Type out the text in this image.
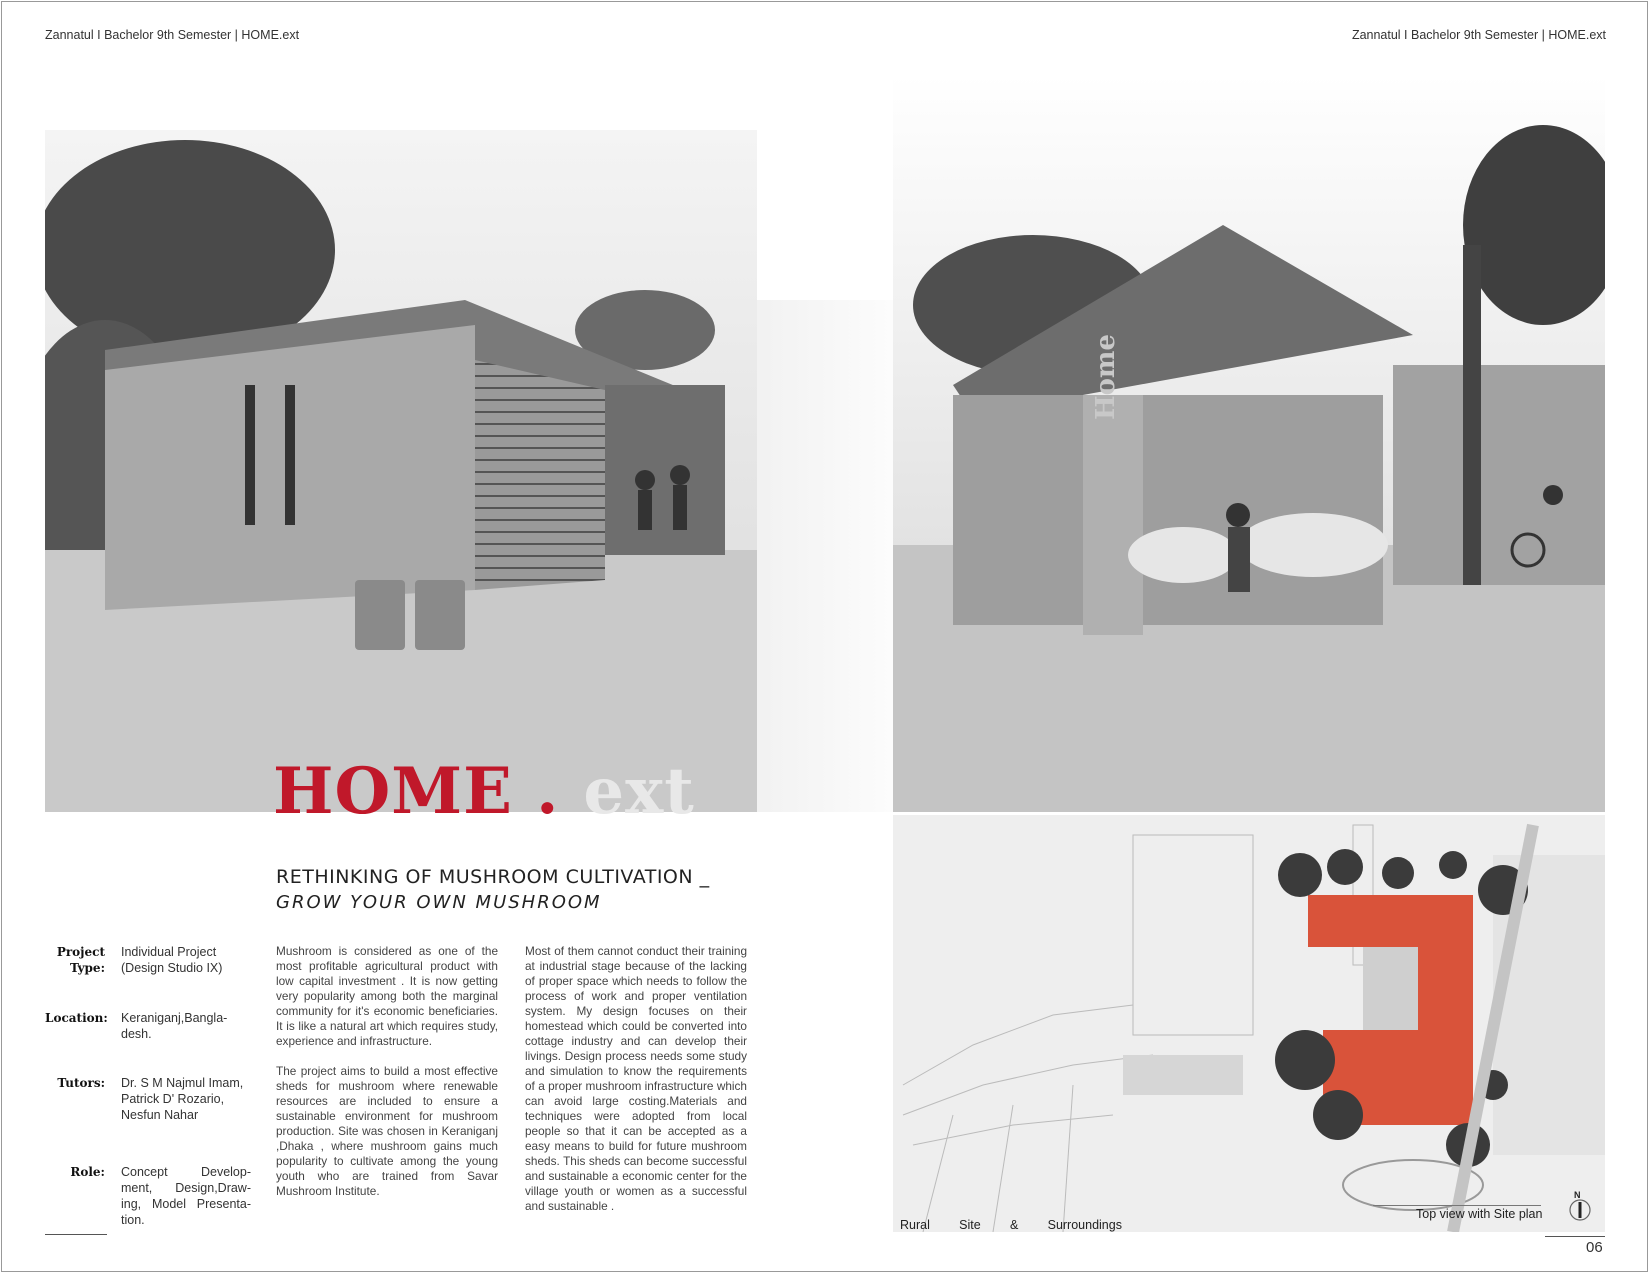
Zannatul I Bachelor 9th Semester | HOME.ext	Zannatul I Bachelor 9th Semester | HOME.ext
Home
HOME . ext
RETHINKING OF MUSHROOM CULTIVATION _
GROW YOUR OWN MUSHROOM
Project Type:
Individual Project (Design Studio IX)
Location: Keraniganj,Bangla-desh.
Tutors: Dr. S M Najmul Imam, Patrick D' Rozario, Nesfun Nahar
Role: Concept Develop-ment, Design,Draw-ing, Model Presenta-tion.

Mushroom is considered as one of the most profitable agricultural product with low capital investment . It is now getting very popularity among both the marginal community for it's economic beneficiaries. It is like a natural art which requires study, experience and infrastructure.

The project aims to build a most effective sheds for mushroom where renewable resources are included to ensure a sustainable environment for mushroom production. Site was chosen in Keraniganj ,Dhaka , where mushroom gains much popularity to cultivate among the young youth who are trained from Savar Mushroom Institute.

Most of them cannot conduct their training at industrial stage because of the lacking of proper space which needs to follow the process of work and proper ventilation system. My design focuses on their homestead which could be converted into cottage industry and can develop their livings. Design process needs some study and simulation to know the requirements of a proper mushroom infrastructure which can avoid large costing.Materials and techniques were adopted from local people so that it can be accepted as a easy means to build for future mushroom sheds. This sheds can become successful and sustainable a economic center for the village youth or women as a successful and sustainable .

Rural Site & Surroundings
Top view with Site plan
N
06
